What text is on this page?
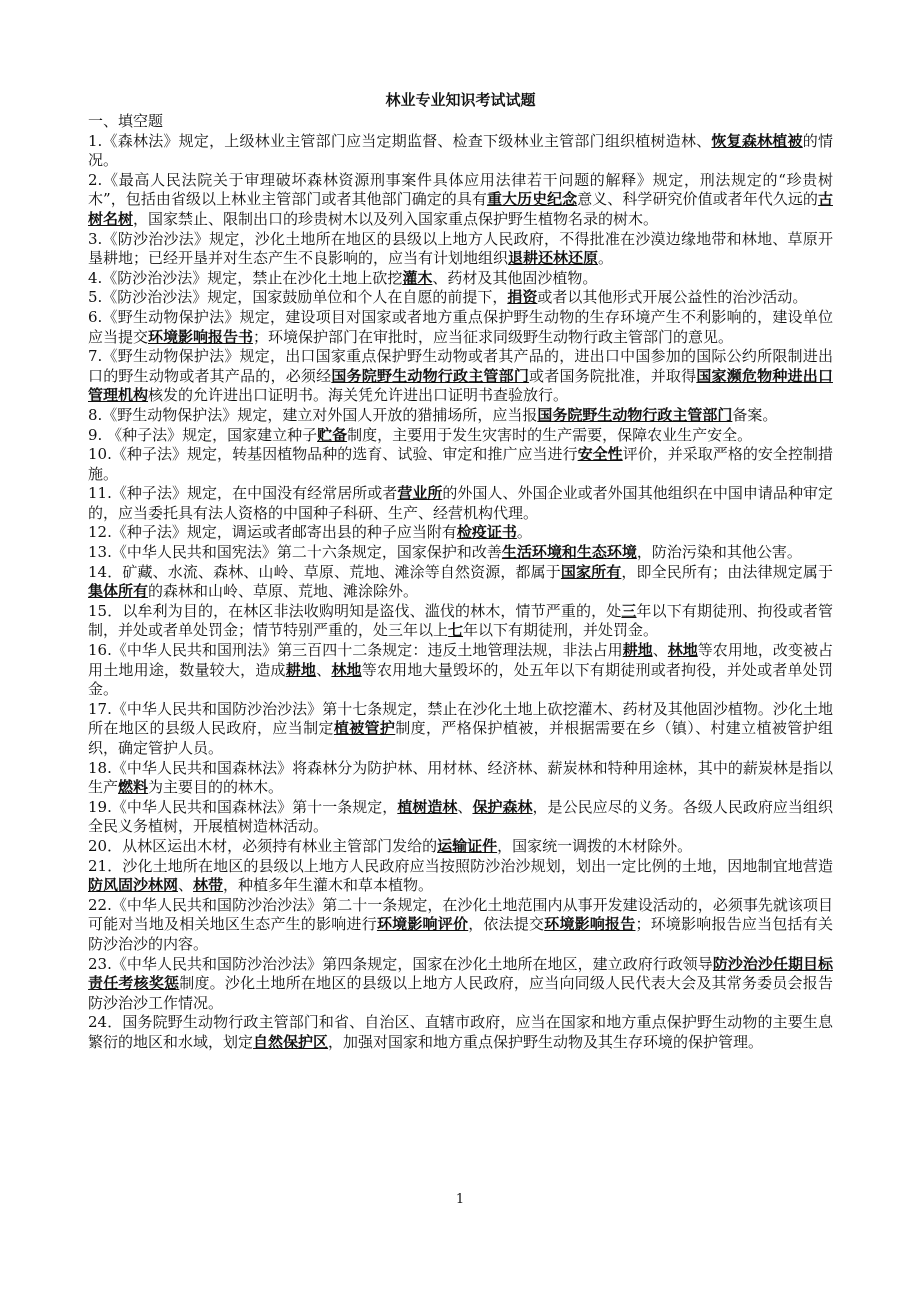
林业专业知识考试试题
一、填空题

1.《森林法》规定，上级林业主管部门应当定期监督、检查下级林业主管部门组织植树造林、恢复森林植被的情况。

2.《最高人民法院关于审理破坏森林资源刑事案件具体应用法律若干问题的解释》规定，刑法规定的“珍贵树木”，包括由省级以上林业主管部门或者其他部门确定的具有重大历史纪念意义、科学研究价值或者年代久远的古树名树，国家禁止、限制出口的珍贵树木以及列入国家重点保护野生植物名录的树木。

3.《防沙治沙法》规定，沙化土地所在地区的县级以上地方人民政府，不得批准在沙漠边缘地带和林地、草原开垦耕地；已经开垦并对生态产生不良影响的，应当有计划地组织退耕还林还原。

4.《防沙治沙法》规定，禁止在沙化土地上砍挖灌木、药材及其他固沙植物。

5.《防沙治沙法》规定，国家鼓励单位和个人在自愿的前提下，捐资或者以其他形式开展公益性的治沙活动。

6.《野生动物保护法》规定，建设项目对国家或者地方重点保护野生动物的生存环境产生不利影响的，建设单位应当提交环境影响报告书；环境保护部门在审批时，应当征求同级野生动物行政主管部门的意见。

7.《野生动物保护法》规定，出口国家重点保护野生动物或者其产品的，进出口中国参加的国际公约所限制进出口的野生动物或者其产品的，必须经国务院野生动物行政主管部门或者国务院批准，并取得国家濒危物种进出口管理机构核发的允许进出口证明书。海关凭允许进出口证明书查验放行。

8.《野生动物保护法》规定，建立对外国人开放的猎捕场所，应当报国务院野生动物行政主管部门备案。

9. 《种子法》规定，国家建立种子贮备制度，主要用于发生灾害时的生产需要，保障农业生产安全。

10.《种子法》规定，转基因植物品种的选育、试验、审定和推广应当进行安全性评价，并采取严格的安全控制措施。

11.《种子法》规定，在中国没有经常居所或者营业所的外国人、外国企业或者外国其他组织在中国申请品种审定的，应当委托具有法人资格的中国种子科研、生产、经营机构代理。

12.《种子法》规定，调运或者邮寄出县的种子应当附有检疫证书。

13.《中华人民共和国宪法》第二十六条规定，国家保护和改善生活环境和生态环境，防治污染和其他公害。

14．矿藏、水流、森林、山岭、草原、荒地、滩涂等自然资源，都属于国家所有，即全民所有；由法律规定属于集体所有的森林和山岭、草原、荒地、滩涂除外。

15．以牟利为目的，在林区非法收购明知是盗伐、滥伐的林木，情节严重的，处三年以下有期徒刑、拘役或者管制，并处或者单处罚金；情节特别严重的，处三年以上七年以下有期徒刑，并处罚金。

16.《中华人民共和国刑法》第三百四十二条规定：违反土地管理法规，非法占用耕地、林地等农用地，改变被占用土地用途，数量较大，造成耕地、林地等农用地大量毁坏的，处五年以下有期徒刑或者拘役，并处或者单处罚金。

17.《中华人民共和国防沙治沙法》第十七条规定，禁止在沙化土地上砍挖灌木、药材及其他固沙植物。沙化土地所在地区的县级人民政府，应当制定植被管护制度，严格保护植被，并根据需要在乡（镇）、村建立植被管护组织，确定管护人员。

18.《中华人民共和国森林法》将森林分为防护林、用材林、经济林、薪炭林和特种用途林，其中的薪炭林是指以生产燃料为主要目的的林木。

19.《中华人民共和国森林法》第十一条规定，植树造林、保护森林，是公民应尽的义务。各级人民政府应当组织全民义务植树，开展植树造林活动。

20．从林区运出木材，必须持有林业主管部门发给的运输证件，国家统一调拨的木材除外。

21．沙化土地所在地区的县级以上地方人民政府应当按照防沙治沙规划，划出一定比例的土地，因地制宜地营造防风固沙林网、林带，种植多年生灌木和草本植物。

22.《中华人民共和国防沙治沙法》第二十一条规定，在沙化土地范围内从事开发建设活动的，必须事先就该项目可能对当地及相关地区生态产生的影响进行环境影响评价，依法提交环境影响报告；环境影响报告应当包括有关防沙治沙的内容。

23.《中华人民共和国防沙治沙法》第四条规定，国家在沙化土地所在地区，建立政府行政领导防沙治沙任期目标责任考核奖惩制度。沙化土地所在地区的县级以上地方人民政府，应当向同级人民代表大会及其常务委员会报告防沙治沙工作情况。

24．国务院野生动物行政主管部门和省、自治区、直辖市政府，应当在国家和地方重点保护野生动物的主要生息繁衍的地区和水域，划定自然保护区，加强对国家和地方重点保护野生动物及其生存环境的保护管理。

1
